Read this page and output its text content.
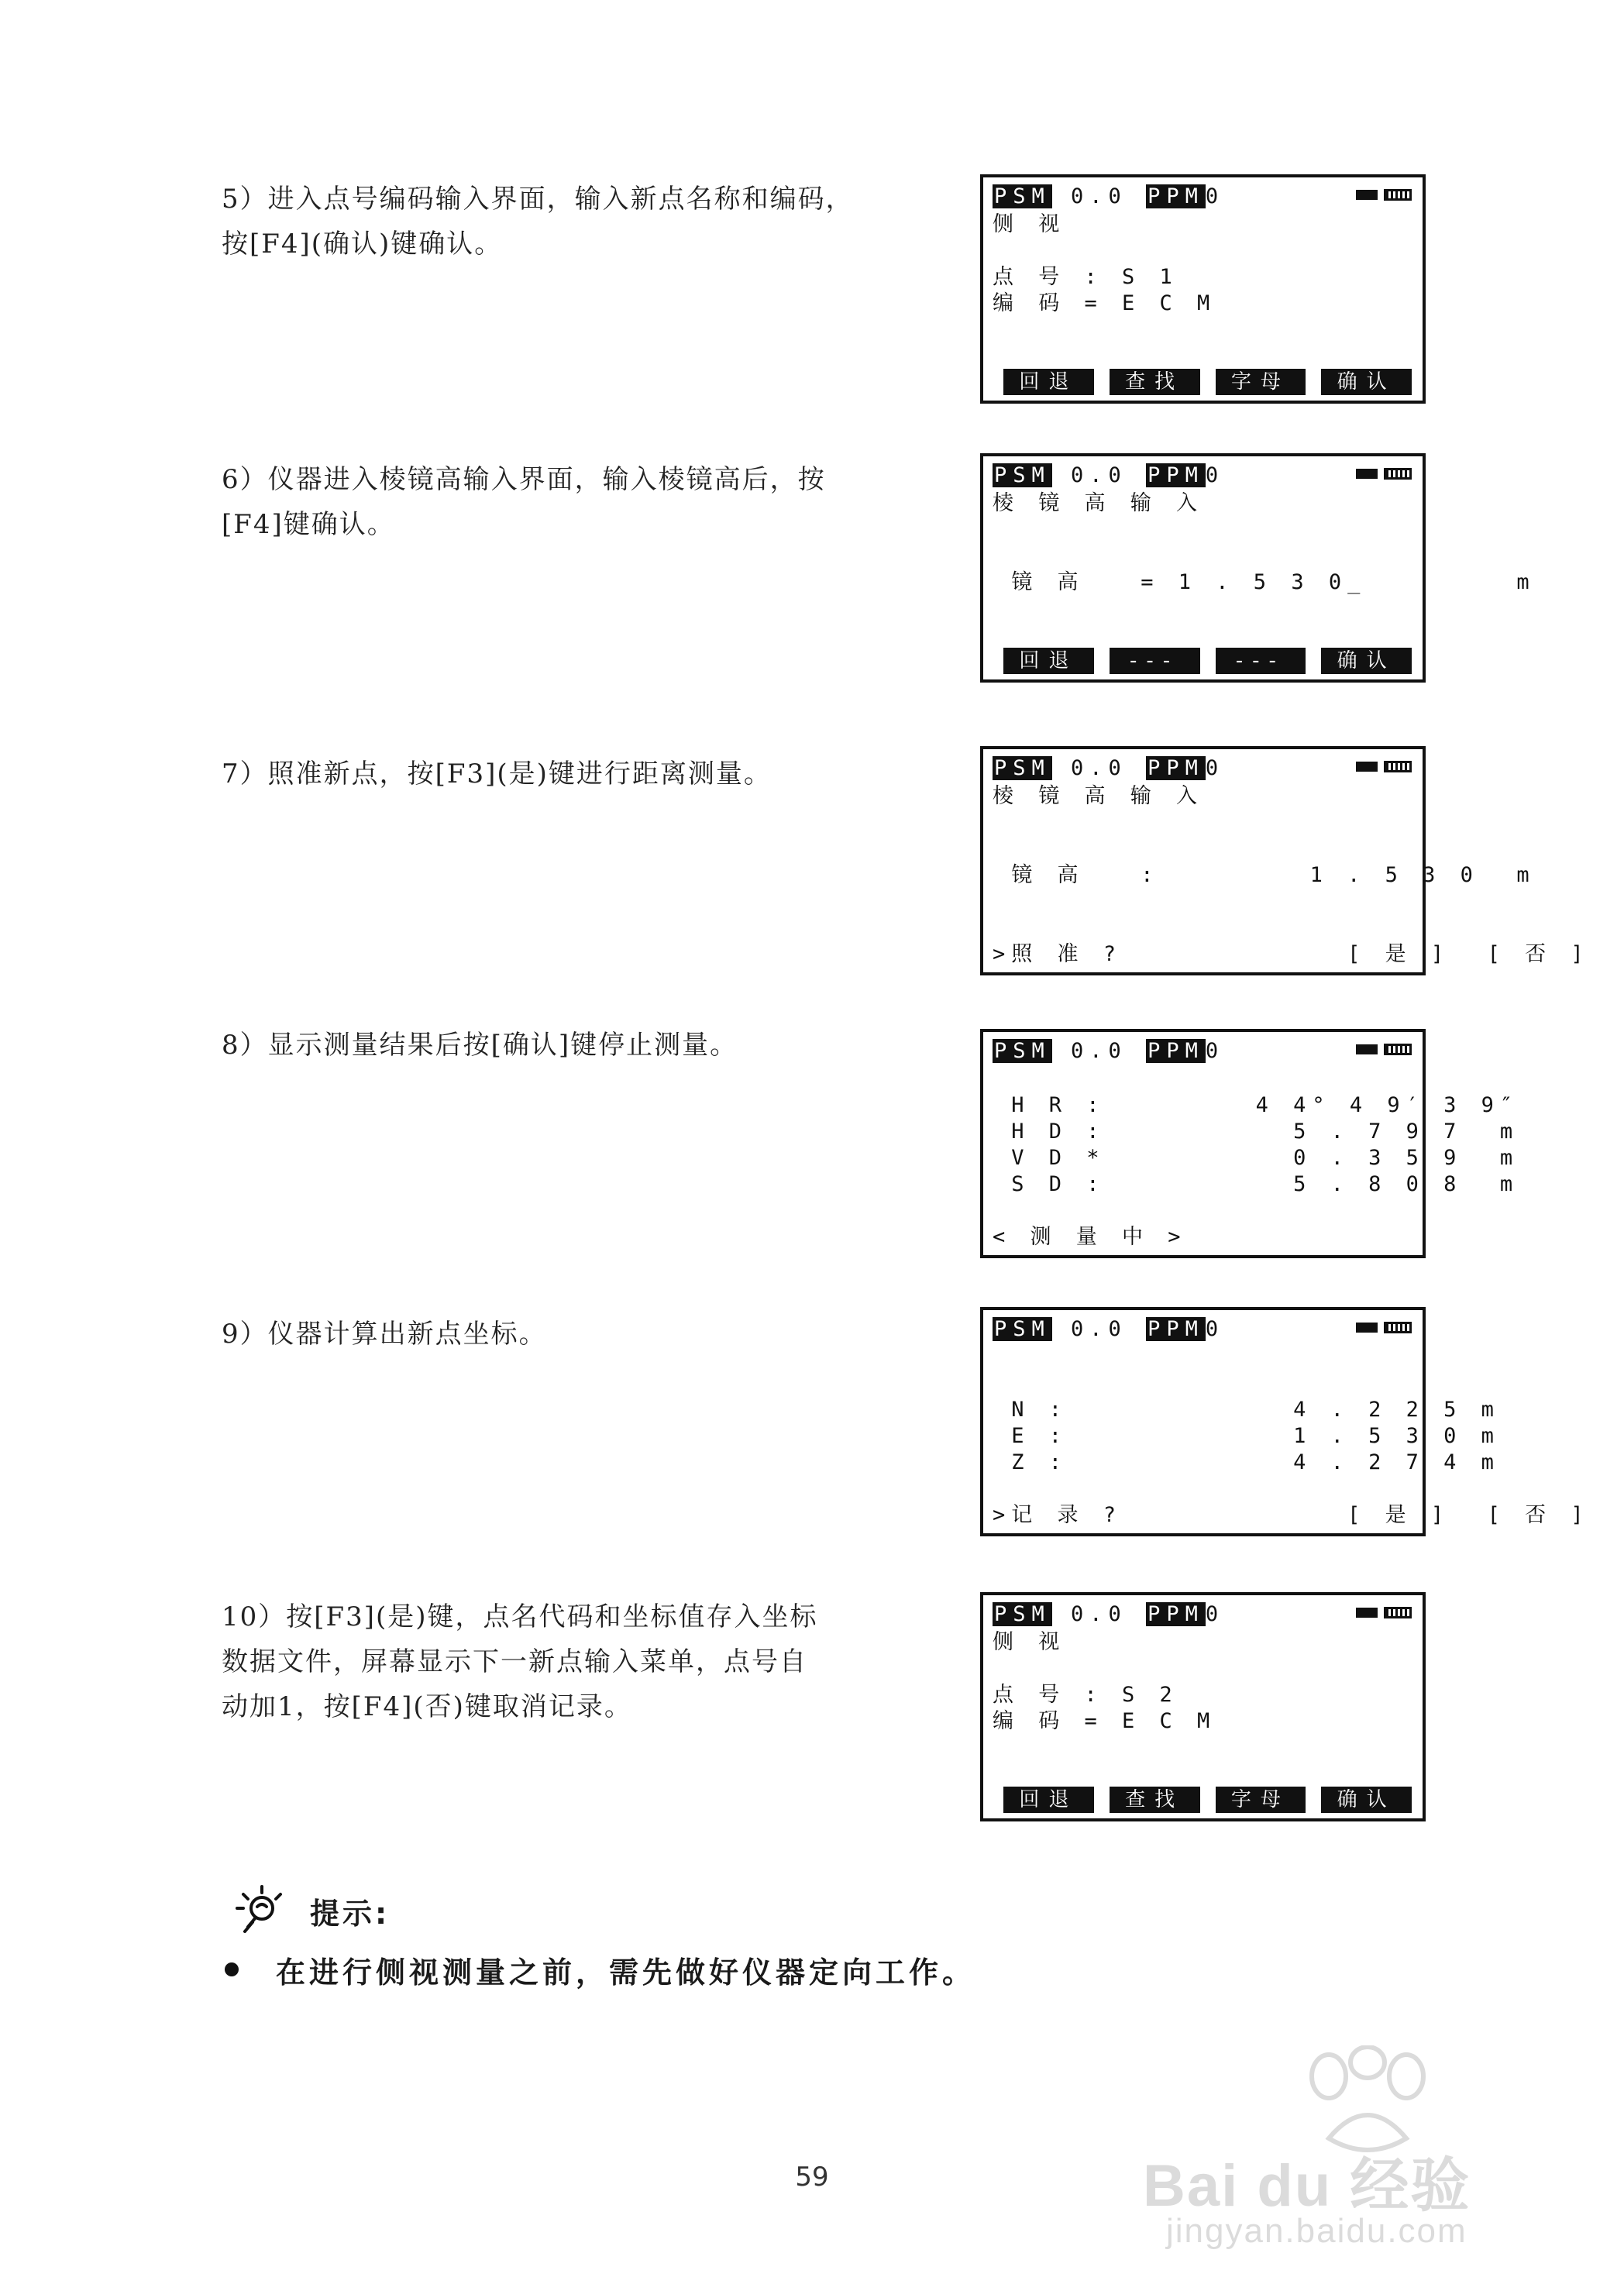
5）进入点号编码输入界面，输入新点名称和编码，
按[F4](确认)键确认。
PSM 0.0 PPM0
侧 视
点 号 : S 1
编 码 = E C M
回退	查找	字母	确认
6）仪器进入棱镜高输入界面，输入棱镜高后，按
[F4]键确认。
PSM 0.0 PPM0
棱 镜 高 输 入
镜 高   = 1 . 5 3 0_        m
回退	---	---	确认
7）照准新点，按[F3](是)键进行距离测量。	PSM 0.0 PPM0
棱 镜 高 输 入
镜 高   :        1 . 5 3 0  m
>照 准 ?            [ 是 ]  [ 否 ]
8）显示测量结果后按[确认]键停止测量。	PSM 0.0 PPM0
H R :        4 4° 4 9′ 3 9″
H D :          5 . 7 9 7  m
V D *          0 . 3 5 9  m
S D :          5 . 8 0 8  m
< 测 量 中 >
9）仪器计算出新点坐标。	PSM 0.0 PPM0
N :            4 . 2 2 5 m
E :            1 . 5 3 0 m
Z :            4 . 2 7 4 m
>记 录 ?            [ 是 ]  [ 否 ]
10）按[F3](是)键，点名代码和坐标值存入坐标
数据文件，屏幕显示下一新点输入菜单，点号自
动加1，按[F4](否)键取消记录。
PSM 0.0 PPM0
侧 视
点 号 : S 2
编 码 = E C M
回退	查找	字母	确认
提示:
在进行侧视测量之前，需先做好仪器定向工作。
59	Bai du 经验
jingyan.baidu.com
